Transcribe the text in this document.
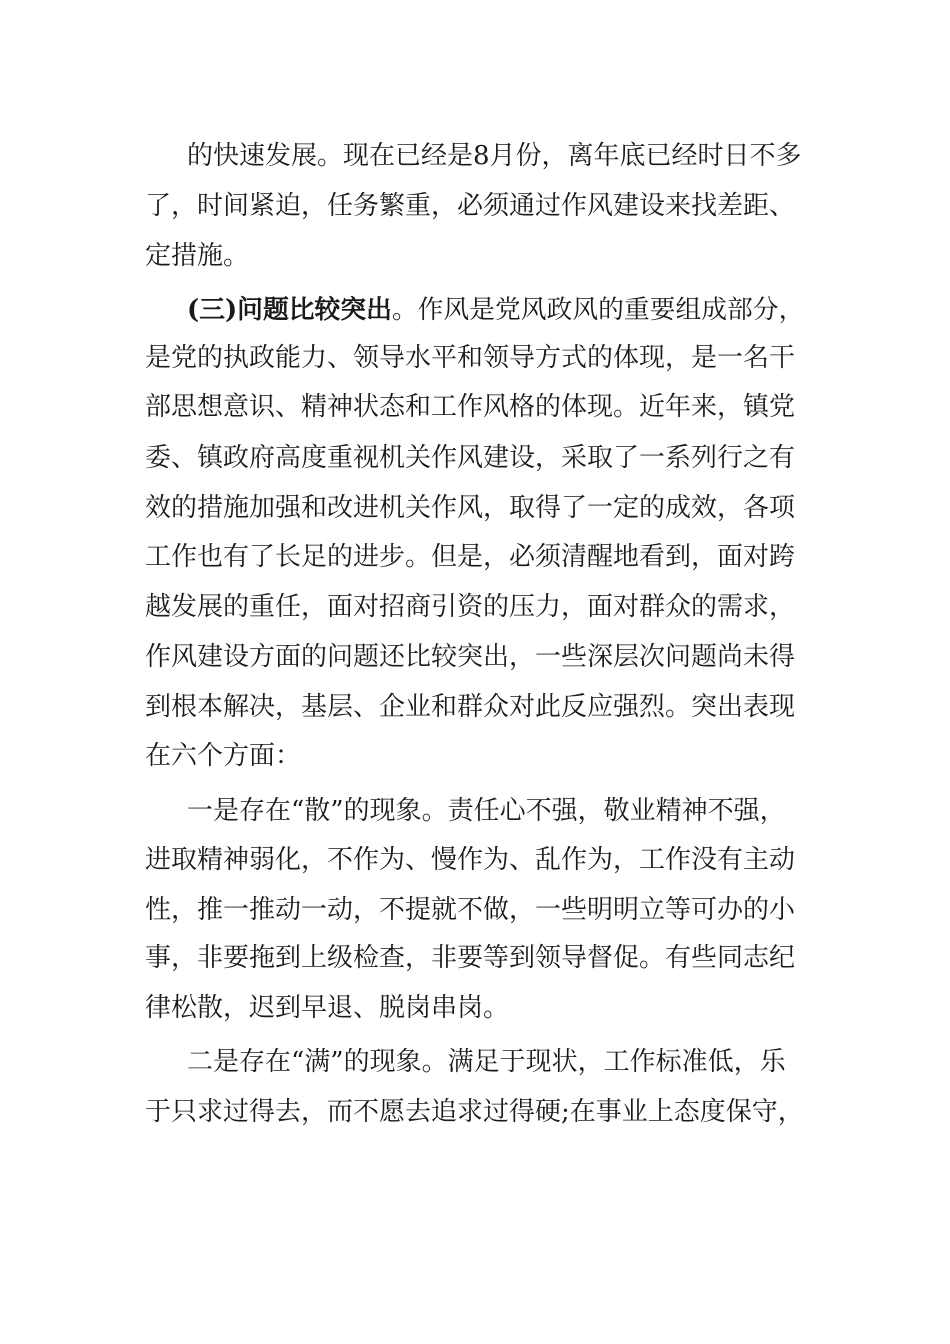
的快速发展。现在已经是8月份，离年底已经时日不多
了，时间紧迫，任务繁重，必须通过作风建设来找差距、
定措施。
(三)问题比较突出。作风是党风政风的重要组成部分，
是党的执政能力、领导水平和领导方式的体现，是一名干
部思想意识、精神状态和工作风格的体现。近年来，镇党
委、镇政府高度重视机关作风建设，采取了一系列行之有
效的措施加强和改进机关作风，取得了一定的成效，各项
工作也有了长足的进步。但是，必须清醒地看到，面对跨
越发展的重任，面对招商引资的压力，面对群众的需求，
作风建设方面的问题还比较突出，一些深层次问题尚未得
到根本解决，基层、企业和群众对此反应强烈。突出表现
在六个方面：
一是存在“散”的现象。责任心不强，敬业精神不强，
进取精神弱化，不作为、慢作为、乱作为，工作没有主动
性，推一推动一动，不提就不做，一些明明立等可办的小
事，非要拖到上级检查，非要等到领导督促。有些同志纪
律松散，迟到早退、脱岗串岗。
二是存在“满”的现象。满足于现状，工作标准低，乐
于只求过得去，而不愿去追求过得硬;在事业上态度保守，
